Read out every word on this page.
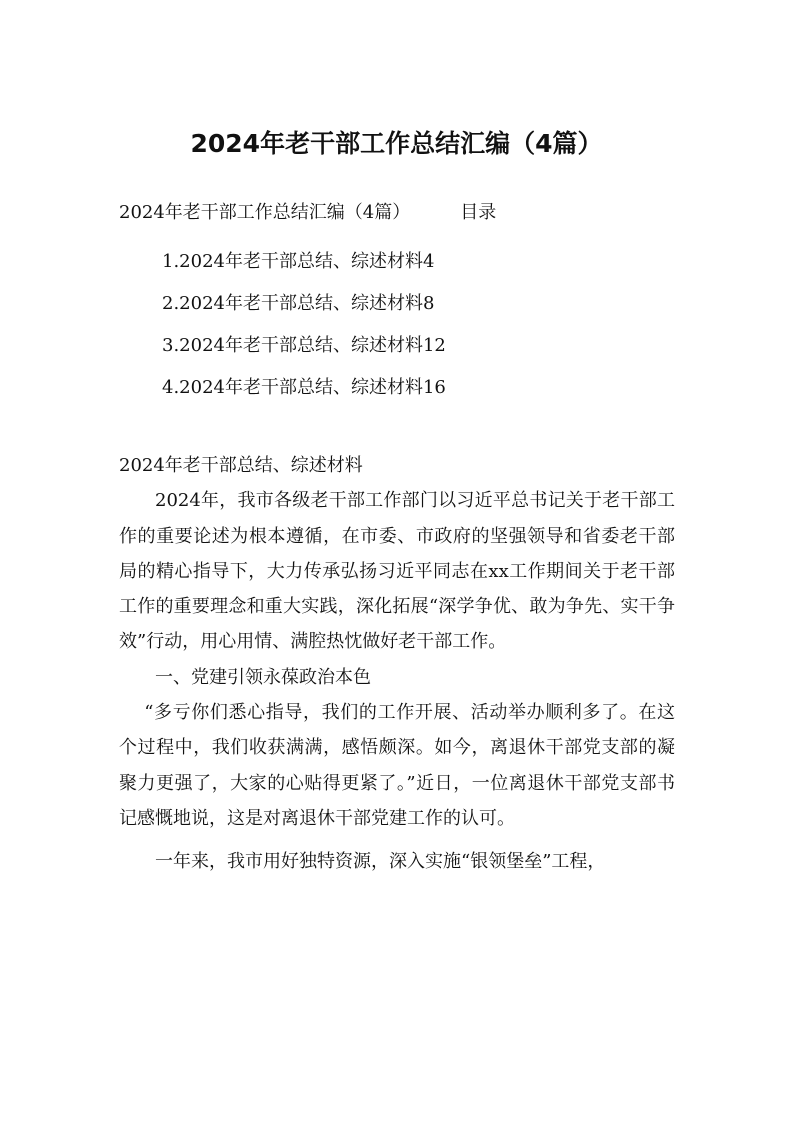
2024年老干部工作总结汇编（4篇）
2024年老干部工作总结汇编（4篇）	目录
1.2024年老干部总结、综述材料4
2.2024年老干部总结、综述材料8
3.2024年老干部总结、综述材料12
4.2024年老干部总结、综述材料16

2024年老干部总结、综述材料

2024年，我市各级老干部工作部门以习近平总书记关于老干部工作的重要论述为根本遵循，在市委、市政府的坚强领导和省委老干部局的精心指导下，大力传承弘扬习近平同志在xx工作期间关于老干部工作的重要理念和重大实践，深化拓展“深学争优、敢为争先、实干争效”行动，用心用情、满腔热忱做好老干部工作。

一、党建引领永葆政治本色

“多亏你们悉心指导，我们的工作开展、活动举办顺利多了。在这个过程中，我们收获满满，感悟颇深。如今，离退休干部党支部的凝聚力更强了，大家的心贴得更紧了。”近日，一位离退休干部党支部书记感慨地说，这是对离退休干部党建工作的认可。

一年来，我市用好独特资源，深入实施“银领堡垒”工程，
